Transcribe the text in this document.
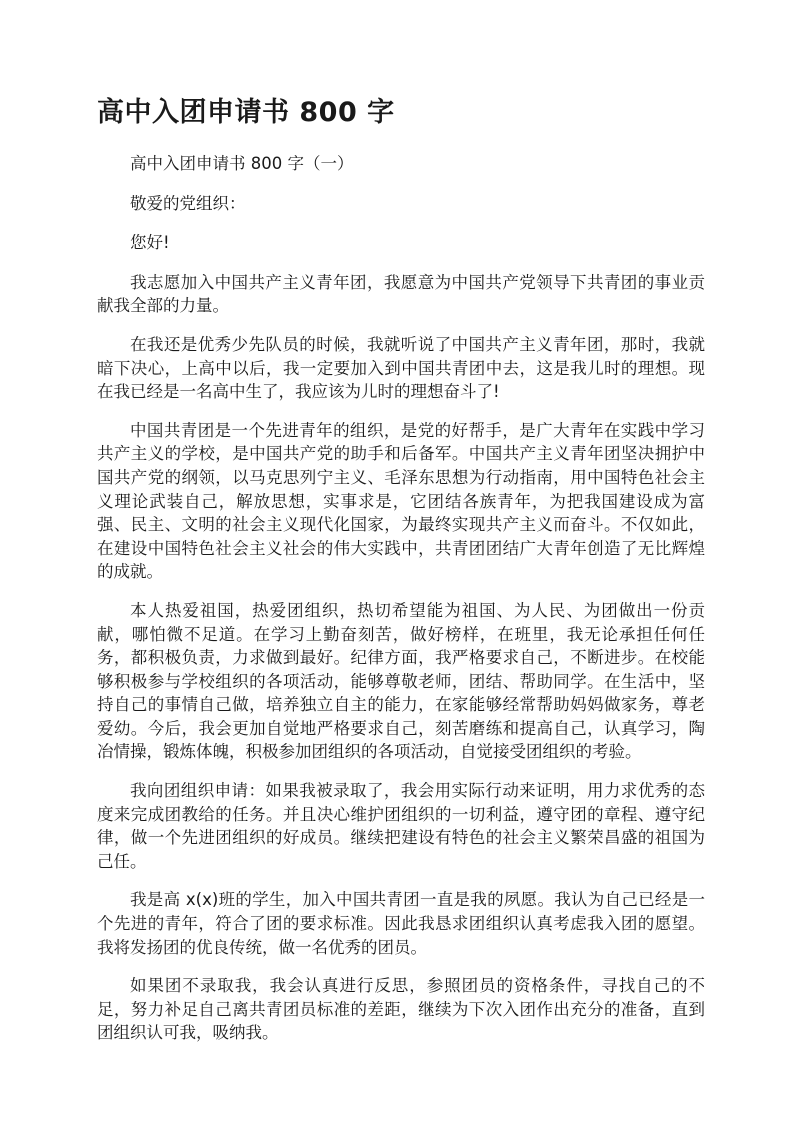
高中入团申请书 800 字

高中入团申请书 800 字（一）

敬爱的党组织：

您好!

我志愿加入中国共产主义青年团，我愿意为中国共产党领导下共青团的事业贡献我全部的力量。

在我还是优秀少先队员的时候，我就听说了中国共产主义青年团，那时，我就暗下决心，上高中以后，我一定要加入到中国共青团中去，这是我儿时的理想。现在我已经是一名高中生了，我应该为儿时的理想奋斗了!

中国共青团是一个先进青年的组织，是党的好帮手，是广大青年在实践中学习共产主义的学校，是中国共产党的助手和后备军。中国共产主义青年团坚决拥护中国共产党的纲领，以马克思列宁主义、毛泽东思想为行动指南，用中国特色社会主义理论武装自己，解放思想，实事求是，它团结各族青年，为把我国建设成为富强、民主、文明的社会主义现代化国家，为最终实现共产主义而奋斗。不仅如此，在建设中国特色社会主义社会的伟大实践中，共青团团结广大青年创造了无比辉煌的成就。

本人热爱祖国，热爱团组织，热切希望能为祖国、为人民、为团做出一份贡献，哪怕微不足道。在学习上勤奋刻苦，做好榜样，在班里，我无论承担任何任务，都积极负责，力求做到最好。纪律方面，我严格要求自己，不断进步。在校能够积极参与学校组织的各项活动，能够尊敬老师，团结、帮助同学。在生活中，坚持自己的事情自己做，培养独立自主的能力，在家能够经常帮助妈妈做家务，尊老爱幼。今后，我会更加自觉地严格要求自己，刻苦磨练和提高自己，认真学习，陶冶情操，锻炼体魄，积极参加团组织的各项活动，自觉接受团组织的考验。

我向团组织申请：如果我被录取了，我会用实际行动来证明，用力求优秀的态度来完成团教给的任务。并且决心维护团组织的一切利益，遵守团的章程、遵守纪律，做一个先进团组织的好成员。继续把建设有特色的社会主义繁荣昌盛的祖国为己任。

我是高 x(x)班的学生，加入中国共青团一直是我的夙愿。我认为自己已经是一个先进的青年，符合了团的要求标准。因此我恳求团组织认真考虑我入团的愿望。我将发扬团的优良传统，做一名优秀的团员。

如果团不录取我，我会认真进行反思，参照团员的资格条件，寻找自己的不足，努力补足自己离共青团员标准的差距，继续为下次入团作出充分的准备，直到团组织认可我，吸纳我。
